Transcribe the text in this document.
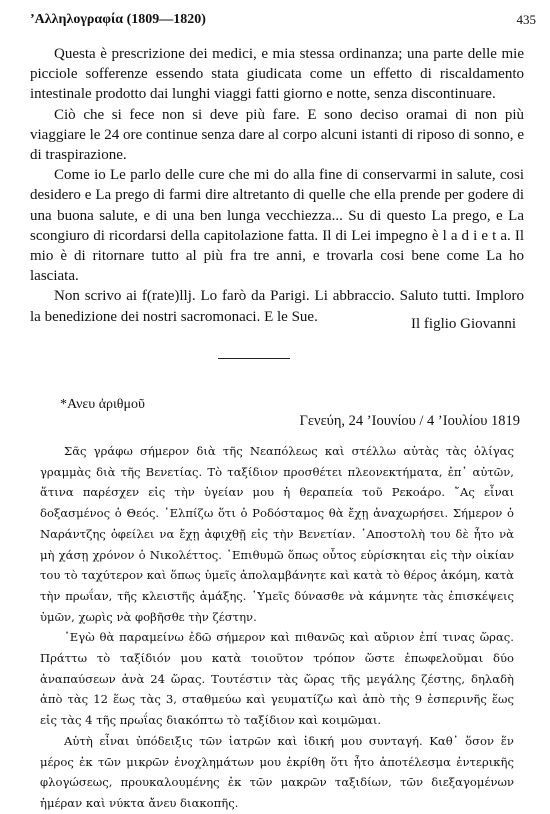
’Αλληλογραφία (1809—1820)	435

Questa è prescrizione dei medici, e mia stessa ordinanza; una parte delle mie picciole sofferenze essendo stata giudicata come un effetto di riscaldamento intestinale prodotto dai lunghi viaggi fatti giorno e notte, senza discontinuare.

Ciò che si fece non si deve più fare. E sono deciso oramai di non più viaggiare le 24 ore continue senza dare al corpo alcuni istanti di riposo di sonno, e di traspirazione.

Come io Le parlo delle cure che mi do alla fine di conservarmi in salute, cosi desidero e La prego di farmi dire altretanto di quelle che ella prende per godere di una buona salute, e di una ben lunga vecchiezza... Su di questo La prego, e La scongiuro di ricordarsi della capitolazione fatta. Il di Lei impegno è l a d i e t a. Il mio è di ritornare tutto al più fra tre anni, e trovarla cosi bene come La ho lasciata.

Non scrivo ai f(rate)llj. Lo farò da Parigi. Li abbraccio. Saluto tutti. Imploro la benedizione dei nostri sacromonaci. E le Sue.	Il figlio Giovanni
*Ανευ ἀριθμοῦ
Γενεύη, 24 ’Ιουνίου / 4 ’Ιουλίου 1819

Σᾶς γράφω σήμερον διὰ τῆς Νεαπόλεως καὶ στέλλω αὐτὰς τὰς ὀλίγας γραμμὰς διὰ τῆς Βενετίας. Τὸ ταξίδιον προσθέτει πλεονεκτήματα, ἐπ᾽ αὐτῶν, ἅτινα παρέσχεν εἰς τὴν ὑγείαν μου ἡ θεραπεία τοῦ Ρεκοάρο. ῎Ας εἶναι δοξασμένος ὁ Θεός. ᾽Ελπίζω ὅτι ὁ Ροδόσταμος θὰ ἔχῃ ἀναχωρήσει. Σήμερον ὁ Ναράντζης ὀφείλει να ἔχῃ ἀφιχθῇ εἰς τὴν Βενετίαν. ᾽Αποστολὴ του δὲ ἦτο νὰ μὴ χάσῃ χρόνον ὁ Νικολέττος. ᾽Επιθυμῶ ὅπως οὗτος εὑρίσκηται εἰς τὴν οἰκίαν του τὸ ταχύτερον καὶ ὅπως ὑμεῖς ἀπολαμβάνητε καὶ κατὰ τὸ θέρος ἀκόμη, κατὰ τὴν πρωΐαν, τῆς κλειστῆς ἁμάξης. ῾Υμεῖς δύνασθε νὰ κάμνητε τὰς ἐπισκέψεις ὑμῶν, χωρὶς νὰ φοβῆσθε τὴν ζέστην.

᾽Εγὼ θὰ παραμείνω ἐδῶ σήμερον καὶ πιθανῶς καὶ αὔριον ἐπί τινας ὥρας. Πράττω τὸ ταξίδιόν μου κατὰ τοιοῦτον τρόπον ὥστε ἐπωφελοῦμαι δύο ἀναπαύσεων ἀνὰ 24 ὥρας. Τουτέστιν τὰς ὥρας τῆς μεγάλης ζέστης, δηλαδὴ ἀπὸ τὰς 12 ἕως τὰς 3, σταθμεύω καὶ γευματίζω καὶ ἀπὸ τὴς 9 ἑσπερινῆς ἕως εἰς τὰς 4 τῆς πρωΐας διακόπτω τὸ ταξίδιον καὶ κοιμῶμαι.

Αὐτὴ εἶναι ὑπόδειξις τῶν ἰατρῶν καὶ ἰδική μου συνταγή. Καθ᾽ ὅσον ἕν μέρος ἐκ τῶν μικρῶν ἐνοχλημάτων μου ἐκρίθη ὅτι ἦτο ἀποτέλεσμα ἐντερικῆς φλογώσεως, προυκαλουμένης ἐκ τῶν μακρῶν ταξιδίων, τῶν διεξαγομένων ἡμέραν καὶ νύκτα ἄνευ διακοπῆς.
